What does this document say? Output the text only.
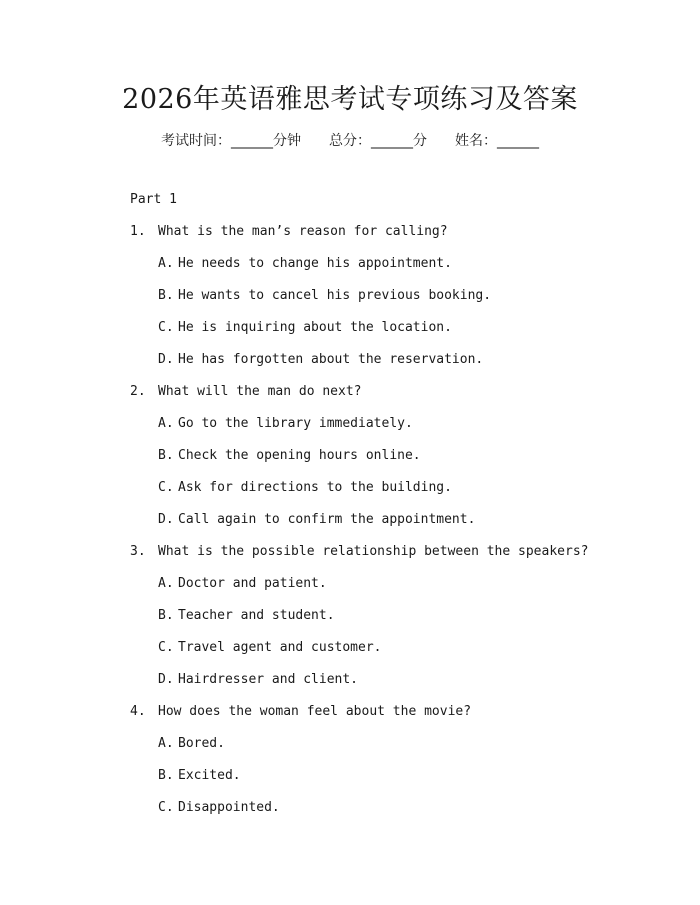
2026年英语雅思考试专项练习及答案
考试时间：______分钟 总分：______分 姓名：______
Part 1
1. What is the man’s reason for calling?
A. He needs to change his appointment.
B. He wants to cancel his previous booking.
C. He is inquiring about the location.
D. He has forgotten about the reservation.
2. What will the man do next?
A. Go to the library immediately.
B. Check the opening hours online.
C. Ask for directions to the building.
D. Call again to confirm the appointment.
3. What is the possible relationship between the speakers?
A. Doctor and patient.
B. Teacher and student.
C. Travel agent and customer.
D. Hairdresser and client.
4. How does the woman feel about the movie?
A. Bored.
B. Excited.
C. Disappointed.
